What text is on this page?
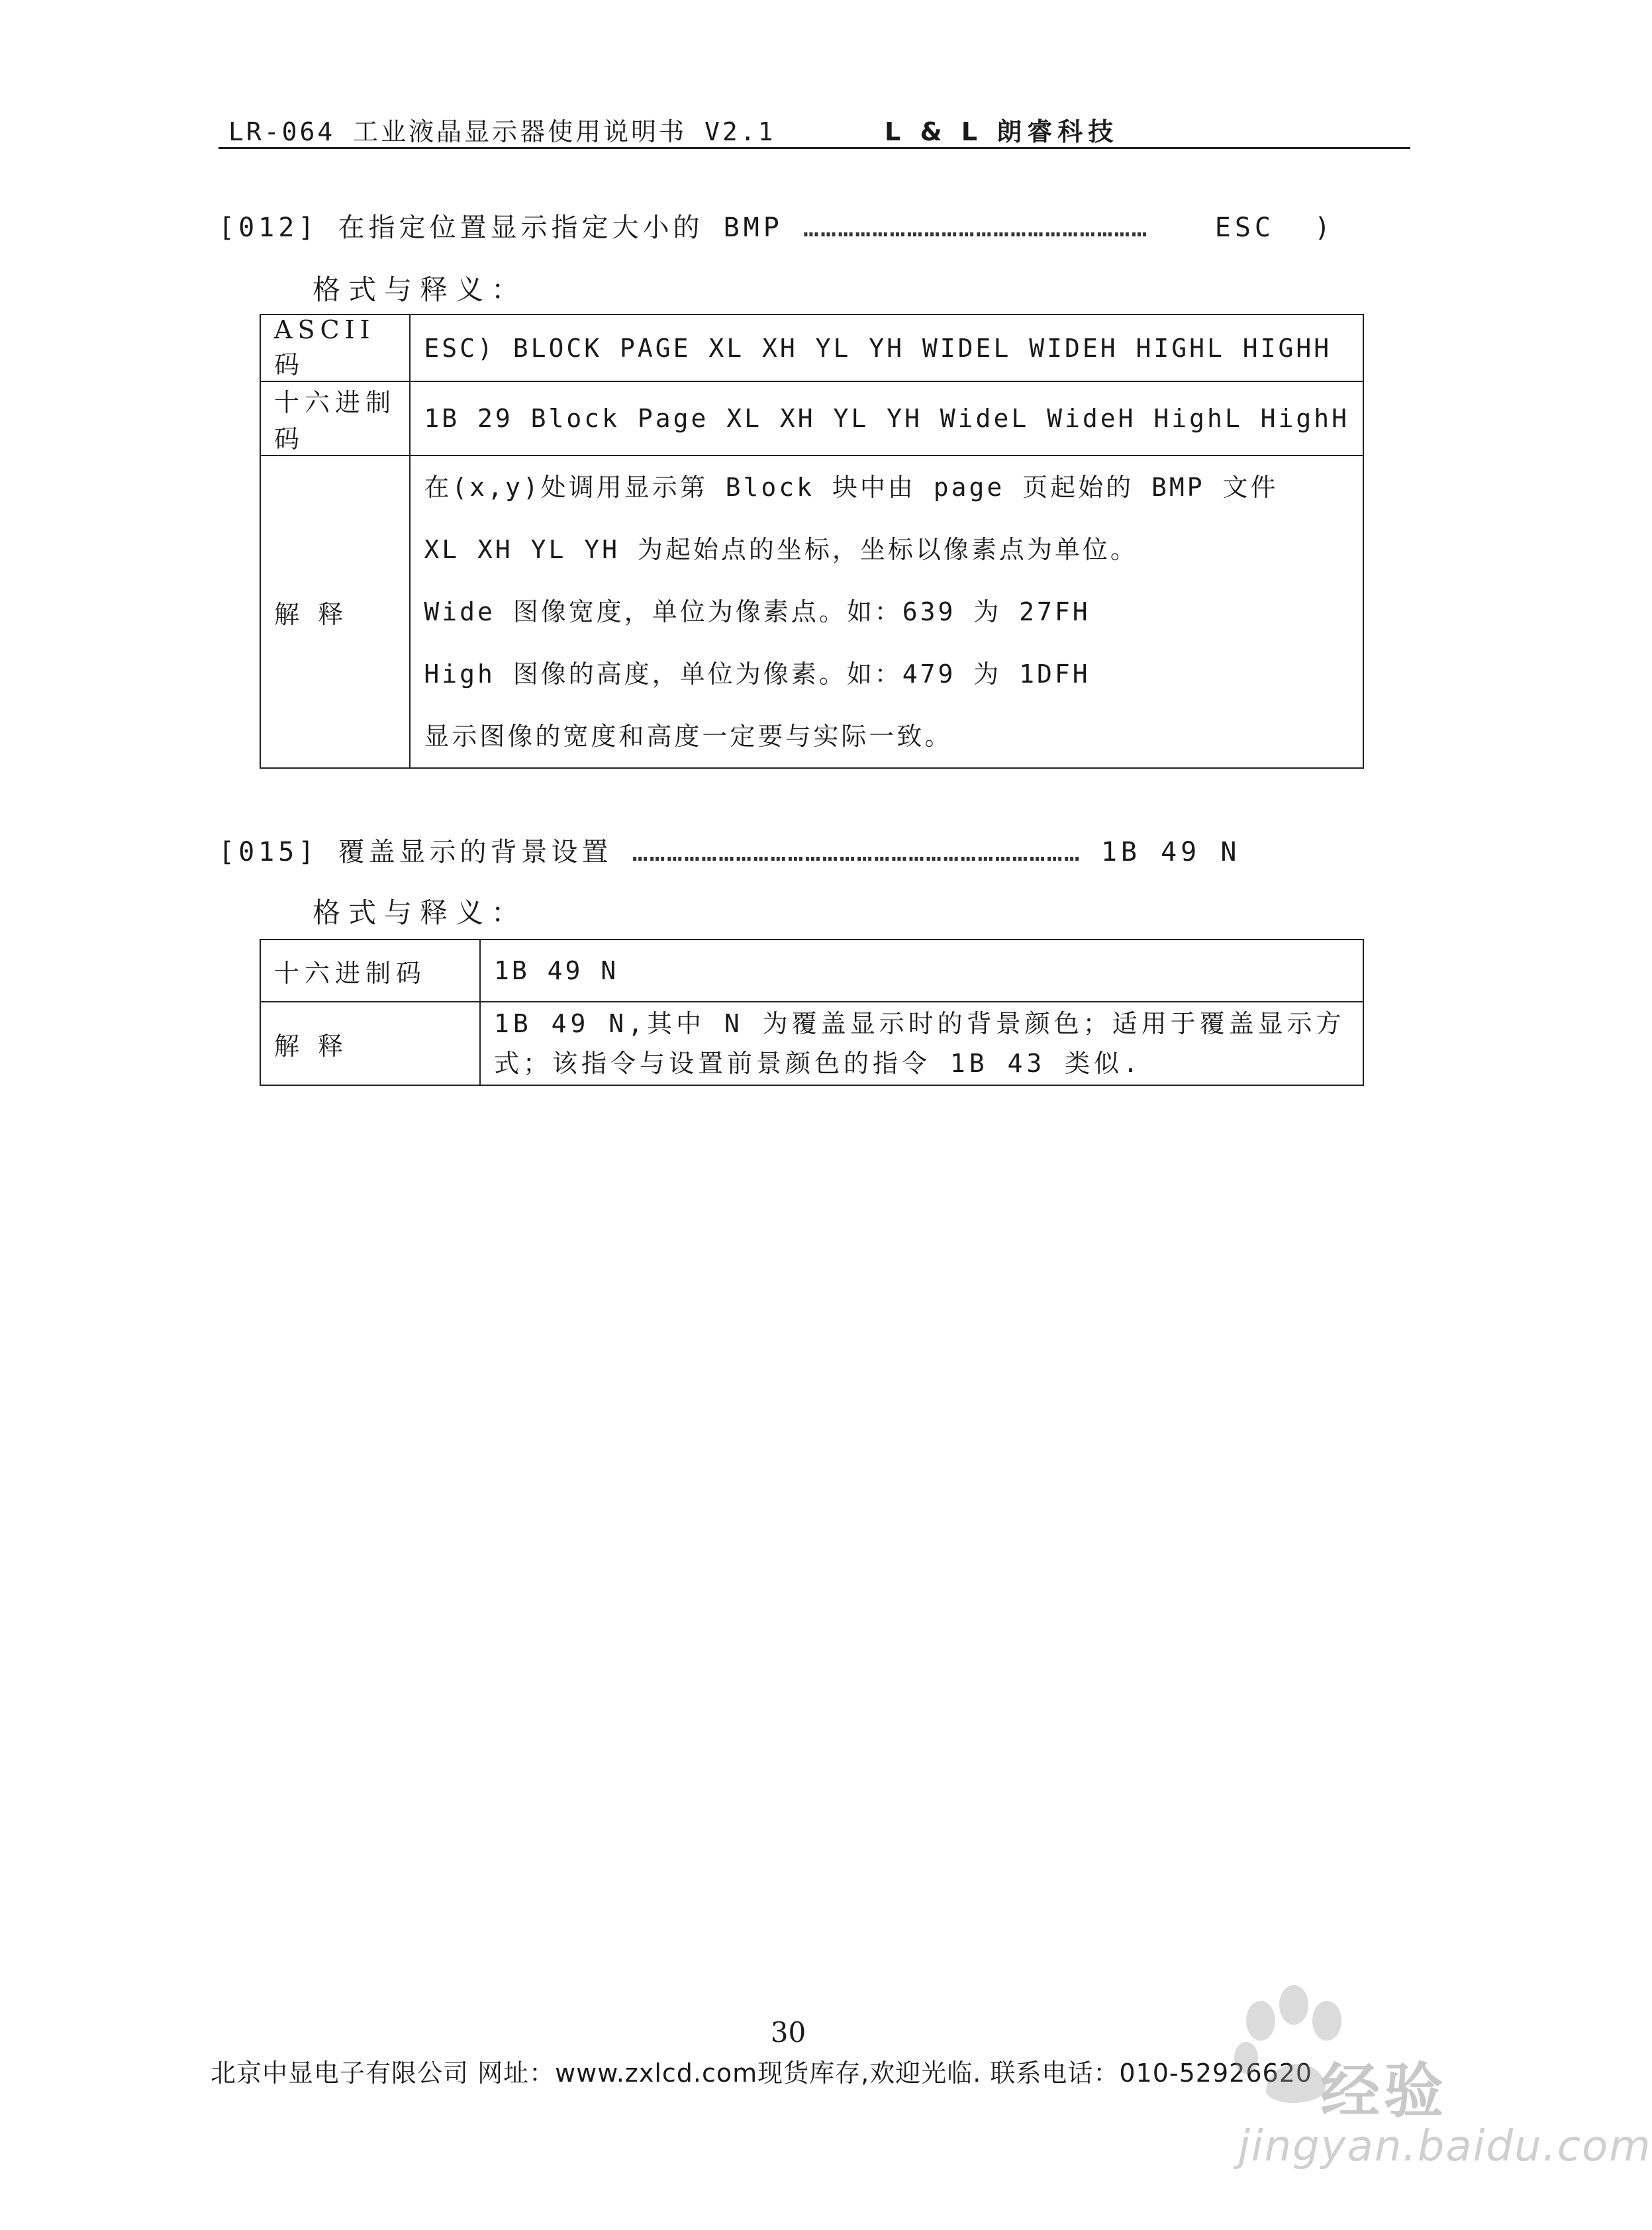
LR-064 工业液晶显示器使用说明书 V2.1	L & L 朗睿科技
[012] 在指定位置显示指定大小的 BMP ……………………………………………………	ESC  )
格式与释义：
ASCII 码	ESC) BLOCK PAGE XL XH YL YH WIDEL WIDEH HIGHL HIGHH
十六进制码	1B 29 Block Page XL XH YL YH WideL WideH HighL HighH
解 释	在(x,y)处调用显示第 Block 块中由 page 页起始的 BMP 文件
XL XH YL YH 为起始点的坐标，坐标以像素点为单位。
Wide 图像宽度，单位为像素点。如：639 为 27FH
High 图像的高度，单位为像素。如：479 为 1DFH
显示图像的宽度和高度一定要与实际一致。
[015] 覆盖显示的背景设置 …………………………………………………………………… 1B 49 N
格式与释义：
十六进制码	1B 49 N
解 释	1B 49 N,其中 N 为覆盖显示时的背景颜色；适用于覆盖显示方式；该指令与设置前景颜色的指令 1B 43 类似.
30
北京中显电子有限公司 网址：www.zxlcd.com现货库存,欢迎光临. 联系电话：010-52926620 经验
jingyan.baidu.com
